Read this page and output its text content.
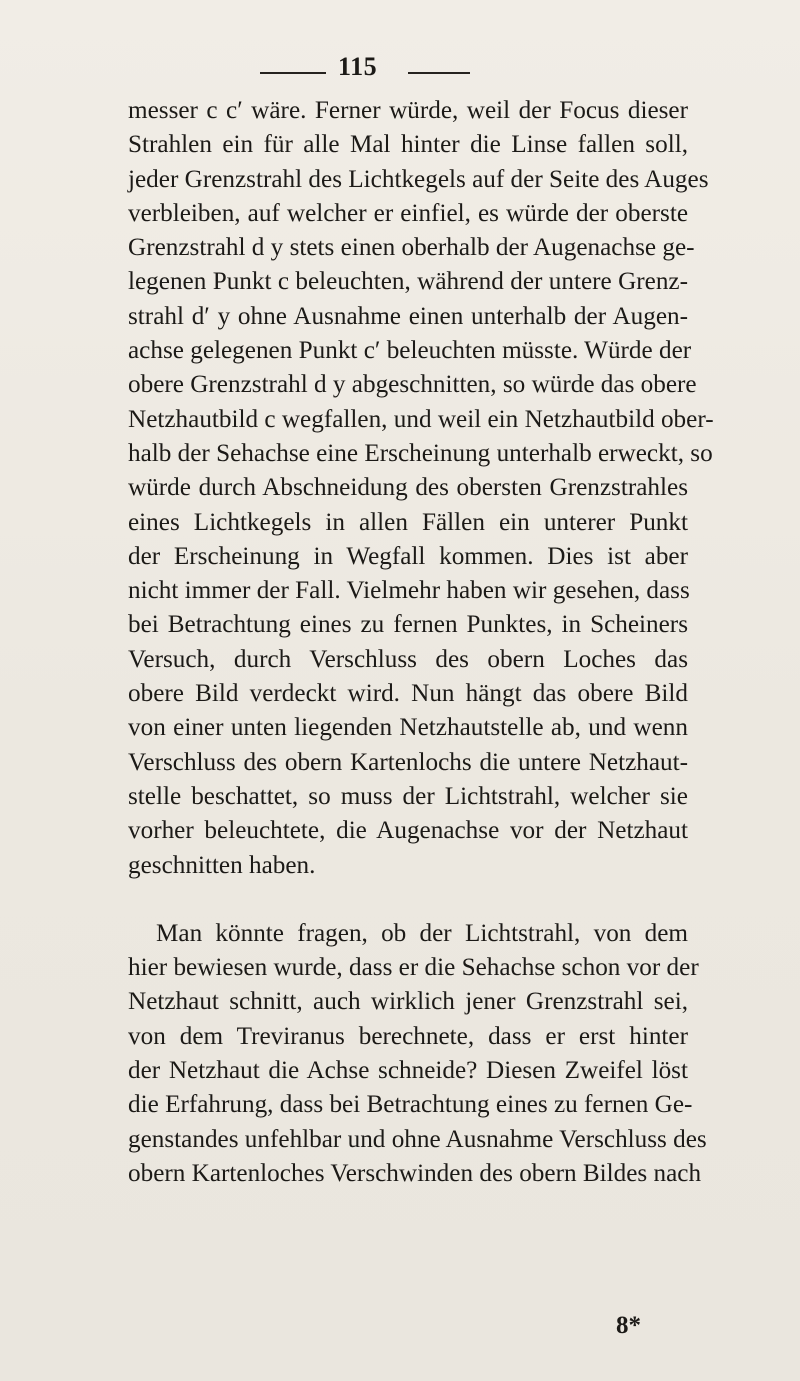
115
messer c c′ wäre. Ferner würde, weil der Focus dieser
Strahlen ein für alle Mal hinter die Linse fallen soll,
jeder Grenzstrahl des Lichtkegels auf der Seite des Auges
verbleiben, auf welcher er einfiel, es würde der oberste
Grenzstrahl d y stets einen oberhalb der Augenachse ge-
legenen Punkt c beleuchten, während der untere Grenz-
strahl d′ y ohne Ausnahme einen unterhalb der Augen-
achse gelegenen Punkt c′ beleuchten müsste. Würde der
obere Grenzstrahl d y abgeschnitten, so würde das obere
Netzhautbild c wegfallen, und weil ein Netzhautbild ober-
halb der Sehachse eine Erscheinung unterhalb erweckt, so
würde durch Abschneidung des obersten Grenzstrahles
eines Lichtkegels in allen Fällen ein unterer Punkt
der Erscheinung in Wegfall kommen. Dies ist aber
nicht immer der Fall. Vielmehr haben wir gesehen, dass
bei Betrachtung eines zu fernen Punktes, in Scheiners
Versuch, durch Verschluss des obern Loches das
obere Bild verdeckt wird. Nun hängt das obere Bild
von einer unten liegenden Netzhautstelle ab, und wenn
Verschluss des obern Kartenlochs die untere Netzhaut-
stelle beschattet, so muss der Lichtstrahl, welcher sie
vorher beleuchtete, die Augenachse vor der Netzhaut
geschnitten haben.
Man könnte fragen, ob der Lichtstrahl, von dem
hier bewiesen wurde, dass er die Sehachse schon vor der
Netzhaut schnitt, auch wirklich jener Grenzstrahl sei,
von dem Treviranus berechnete, dass er erst hinter
der Netzhaut die Achse schneide? Diesen Zweifel löst
die Erfahrung, dass bei Betrachtung eines zu fernen Ge-
genstandes unfehlbar und ohne Ausnahme Verschluss des
obern Kartenloches Verschwinden des obern Bildes nach
8*
